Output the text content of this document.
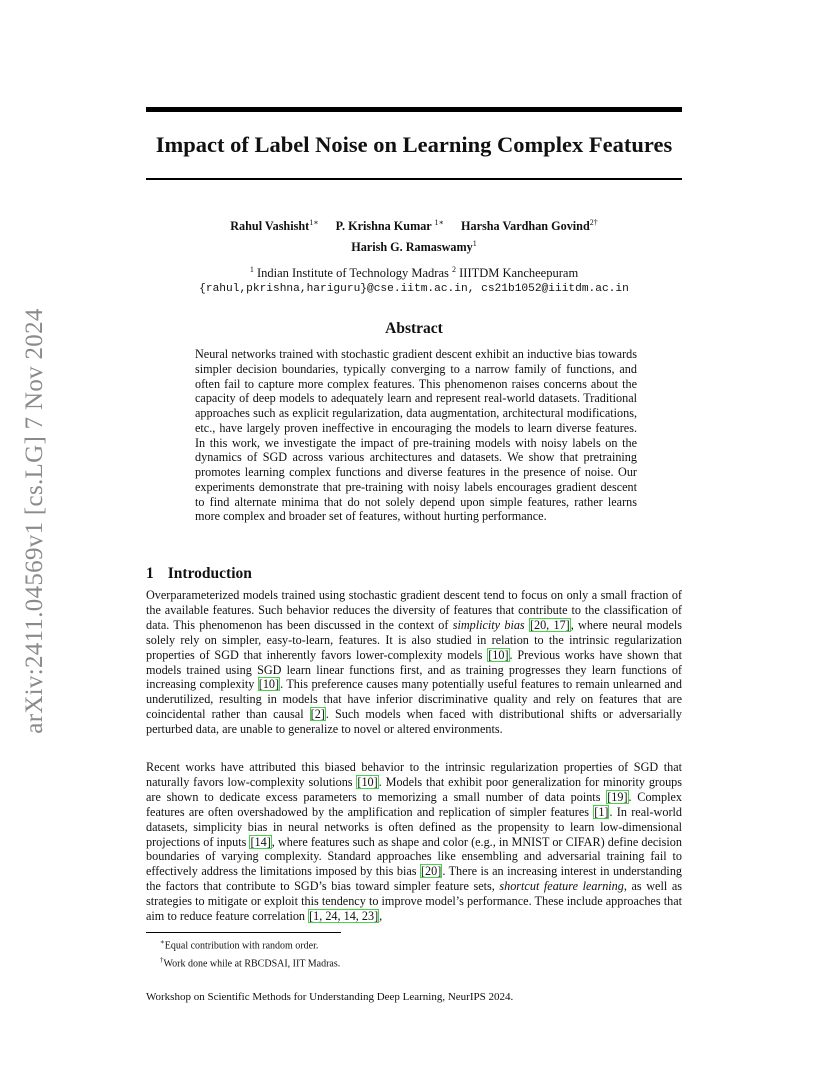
arXiv:2411.04569v1 [cs.LG] 7 Nov 2024
Impact of Label Noise on Learning Complex Features
Rahul Vashisht$^{1∗}$ P. Krishna Kumar $^{1∗}$ Harsha Vardhan Govind$^{2\dagger}$
Harish G. Ramaswamy$^1$
$^1$ Indian Institute of Technology Madras $^2$ IIITDM Kancheepuram
{rahul,pkrishna,hariguru}@cse.iitm.ac.in, cs21b1052@iiitdm.ac.in
Abstract
Neural networks trained with stochastic gradient descent exhibit an inductive bias towards simpler decision boundaries, typically converging to a narrow family of functions, and often fail to capture more complex features. This phenomenon raises concerns about the capacity of deep models to adequately learn and represent real-world datasets. Traditional approaches such as explicit regularization, data augmentation, architectural modifications, etc., have largely proven ineffective in encouraging the models to learn diverse features. In this work, we investigate the impact of pre-training models with noisy labels on the dynamics of SGD across various architectures and datasets. We show that pretraining promotes learning complex functions and diverse features in the presence of noise. Our experiments demonstrate that pre-training with noisy labels encourages gradient descent to find alternate minima that do not solely depend upon simple features, rather learns more complex and broader set of features, without hurting performance.
1 Introduction
Overparameterized models trained using stochastic gradient descent tend to focus on only a small fraction of the available features. Such behavior reduces the diversity of features that contribute to the classification of data. This phenomenon has been discussed in the context of simplicity bias [20, 17], where neural models solely rely on simpler, easy-to-learn, features. It is also studied in relation to the intrinsic regularization properties of SGD that inherently favors lower-complexity models [10]. Previous works have shown that models trained using SGD learn linear functions first, and as training progresses they learn functions of increasing complexity [10]. This preference causes many potentially useful features to remain unlearned and underutilized, resulting in models that have inferior discriminative quality and rely on features that are coincidental rather than causal [2]. Such models when faced with distributional shifts or adversarially perturbed data, are unable to generalize to novel or altered environments.
Recent works have attributed this biased behavior to the intrinsic regularization properties of SGD that naturally favors low-complexity solutions [10]. Models that exhibit poor generalization for minority groups are shown to dedicate excess parameters to memorizing a small number of data points [19]. Complex features are often overshadowed by the amplification and replication of simpler features [1]. In real-world datasets, simplicity bias in neural networks is often defined as the propensity to learn low-dimensional projections of inputs [14], where features such as shape and color (e.g., in MNIST or CIFAR) define decision boundaries of varying complexity. Standard approaches like ensembling and adversarial training fail to effectively address the limitations imposed by this bias [20]. There is an increasing interest in understanding the factors that contribute to SGD’s bias toward simpler feature sets, shortcut feature learning, as well as strategies to mitigate or exploit this tendency to improve model’s performance. These include approaches that aim to reduce feature correlation [1, 24, 14, 23],
∗Equal contribution with random order.
†Work done while at RBCDSAI, IIT Madras.
Workshop on Scientific Methods for Understanding Deep Learning, NeurIPS 2024.
